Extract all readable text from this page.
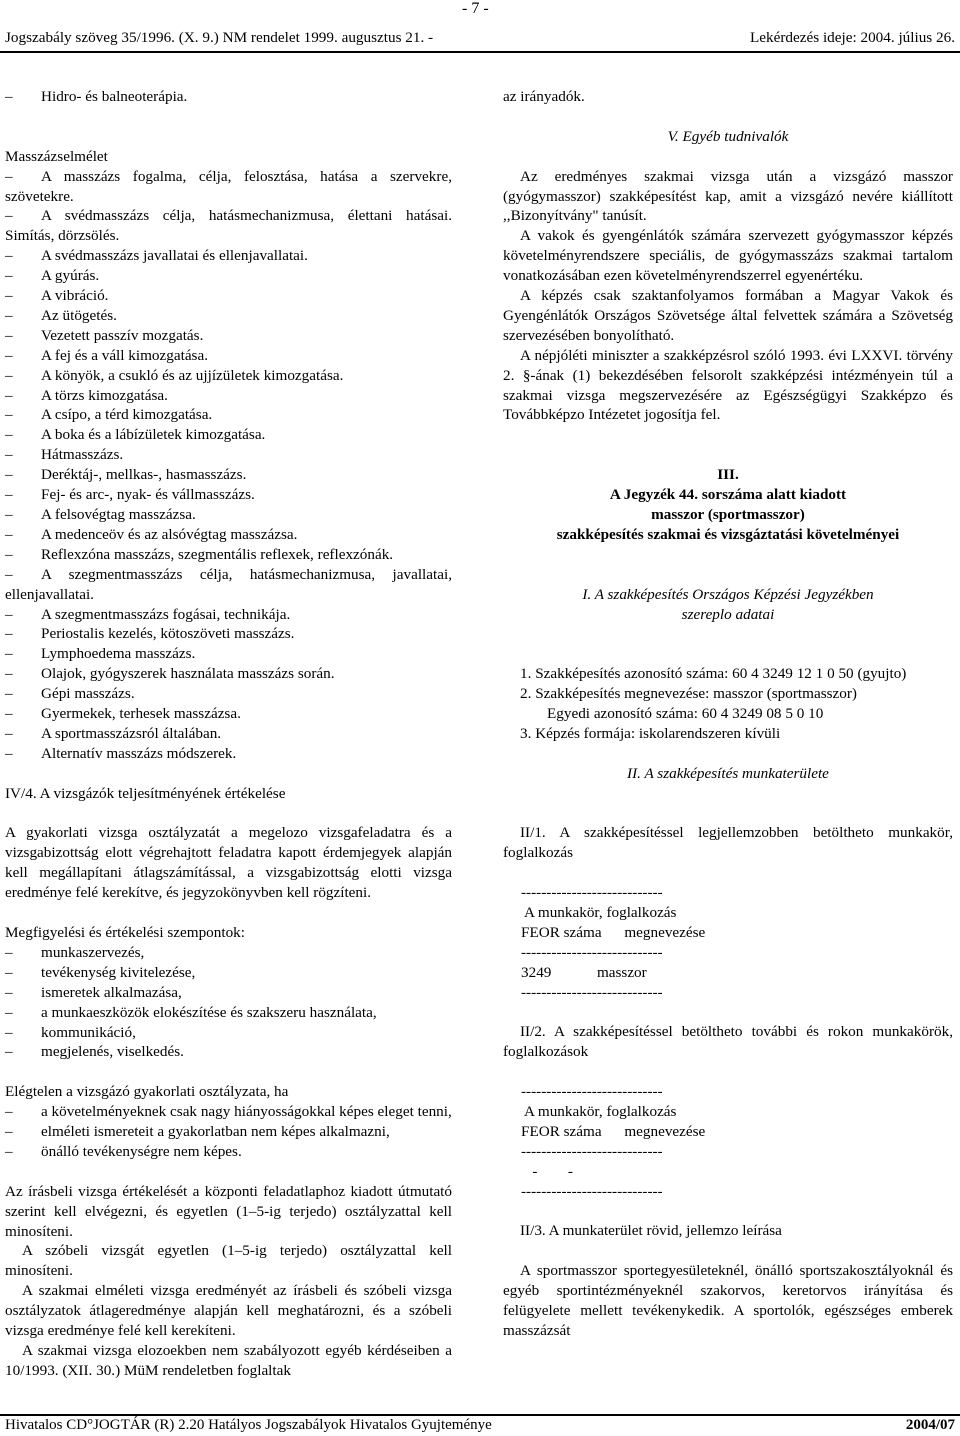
- 7 -
Jogszabály szöveg 35/1996. (X. 9.) NM rendelet 1999. augusztus 21. -	Lekérdezés ideje: 2004. július 26.

– Hidro- és balneoterápia.

Masszázselmélet

– A masszázs fogalma, célja, felosztása, hatása a szervekre, szövetekre.

– A svédmasszázs célja, hatásmechanizmusa, élettani hatásai. Simítás, dörzsölés.

– A svédmasszázs javallatai és ellenjavallatai.

– A gyúrás.

– A vibráció.

– Az ütögetés.

– Vezetett passzív mozgatás.

– A fej és a váll kimozgatása.

– A könyök, a csukló és az ujjízületek kimozgatása.

– A törzs kimozgatása.

– A csípo, a térd kimozgatása.

– A boka és a lábízületek kimozgatása.

– Hátmasszázs.

– Deréktáj-, mellkas-, hasmasszázs.

– Fej- és arc-, nyak- és vállmasszázs.

– A felsovégtag masszázsa.

– A medenceöv és az alsóvégtag masszázsa.

– Reflexzóna masszázs, szegmentális reflexek, reflexzónák.

– A szegmentmasszázs célja, hatásmechanizmusa, javallatai, ellenjavallatai.

– A szegmentmasszázs fogásai, technikája.

– Periostalis kezelés, kötoszöveti masszázs.

– Lymphoedema masszázs.

– Olajok, gyógyszerek használata masszázs során.

– Gépi masszázs.

– Gyermekek, terhesek masszázsa.

– A sportmasszázsról általában.

– Alternatív masszázs módszerek.

IV/4. A vizsgázók teljesítményének értékelése

A gyakorlati vizsga osztályzatát a megelozo vizsgafeladatra és a vizsgabizottság elott végrehajtott feladatra kapott érdemjegyek alapján kell megállapítani átlagszámítással, a vizsgabizottság elotti vizsga eredménye felé kerekítve, és jegyzokönyvben kell rögzíteni.

Megfigyelési és értékelési szempontok:

– munkaszervezés,

– tevékenység kivitelezése,

– ismeretek alkalmazása,

– a munkaeszközök elokészítése és szakszeru használata,

– kommunikáció,

– megjelenés, viselkedés.

Elégtelen a vizsgázó gyakorlati osztályzata, ha

– a követelményeknek csak nagy hiányosságokkal képes eleget tenni,

– elméleti ismereteit a gyakorlatban nem képes alkalmazni,

– önálló tevékenységre nem képes.

Az írásbeli vizsga értékelését a központi feladatlaphoz kiadott útmutató szerint kell elvégezni, és egyetlen (1–5-ig terjedo) osztályzattal kell minosíteni.

A szóbeli vizsgát egyetlen (1–5-ig terjedo) osztályzattal kell minosíteni.

A szakmai elméleti vizsga eredményét az írásbeli és szóbeli vizsga osztályzatok átlageredménye alapján kell meghatározni, és a szóbeli vizsga eredménye felé kell kerekíteni.

A szakmai vizsga elozoekben nem szabályozott egyéb kérdéseiben a 10/1993. (XII. 30.) MüM rendeletben foglaltak

az irányadók.

V. Egyéb tudnivalók

Az eredményes szakmai vizsga után a vizsgázó masszor (gyógymasszor) szakképesítést kap, amit a vizsgázó nevére kiállított ,,Bizonyítvány" tanúsít.

A vakok és gyengénlátók számára szervezett gyógymasszor képzés követelményrendszere speciális, de gyógymasszázs szakmai tartalom vonatkozásában ezen követelményrendszerrel egyenértéku.

A képzés csak szaktanfolyamos formában a Magyar Vakok és Gyengénlátók Országos Szövetsége által felvettek számára a Szövetség szervezésében bonyolítható.

A népjóléti miniszter a szakképzésrol szóló 1993. évi LXXVI. törvény 2. §-ának (1) bekezdésében felsorolt szakképzési intézményein túl a szakmai vizsga megszervezésére az Egészségügyi Szakképzo és Továbbképzo Intézetet jogosítja fel.

III.

A Jegyzék 44. sorszáma alatt kiadott

masszor (sportmasszor)

szakképesítés szakmai és vizsgáztatási követelményei

I. A szakképesítés Országos Képzési Jegyzékben szereplo adatai

1. Szakképesítés azonosító száma: 60 4 3249 12 1 0 50 (gyujto)

2. Szakképesítés megnevezése: masszor (sportmasszor)

Egyedi azonosító száma: 60 4 3249 08 5 0 10

3. Képzés formája: iskolarendszeren kívüli

II. A szakképesítés munkaterülete

II/1. A szakképesítéssel legjellemzobben betöltheto munkakör, foglalkozás

----------------------------

A munkakör, foglalkozás

FEOR száma      megnevezése

----------------------------

3249            masszor

----------------------------

II/2. A szakképesítéssel betöltheto további és rokon munkakörök, foglalkozások

----------------------------

A munkakör, foglalkozás

FEOR száma      megnevezése

----------------------------

-        -

----------------------------

II/3. A munkaterület rövid, jellemzo leírása

A sportmasszor sportegyesületeknél, önálló sportszakosztályoknál és egyéb sportintézményeknél szakorvos, keretorvos irányítása és felügyelete mellett tevékenykedik. A sportolók, egészséges emberek masszázsát

Hivatalos CD°JOGTÁR (R) 2.20 Hatályos Jogszabályok Hivatalos Gyujteménye	2004/07
